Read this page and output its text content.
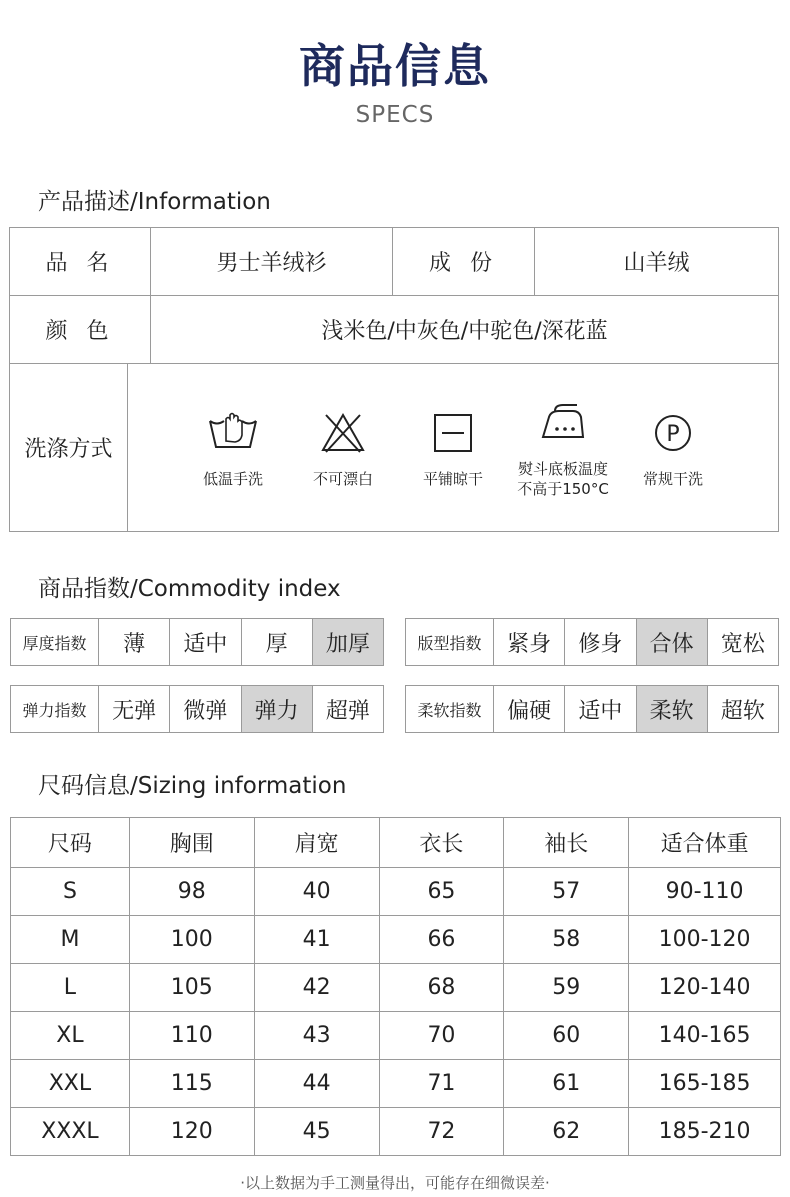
商品信息
SPECS
产品描述/Information
品 名	男士羊绒衫	成 份	山羊绒
颜 色	浅米色/中灰色/中驼色/深花蓝
洗涤方式
低温手洗	不可漂白	平铺晾干
熨斗底板温度
不高于150°C
P
常规干洗
商品指数/Commodity index
厚度指数	薄	适中	厚	加厚	版型指数	紧身	修身	合体	宽松
弹力指数	无弹	微弹	弹力	超弹	柔软指数	偏硬	适中	柔软	超软
尺码信息/Sizing information
尺码	胸围	肩宽	衣长	袖长	适合体重
S	98	40	65	57	90-110
M	100	41	66	58	100-120
L	105	42	68	59	120-140
XL	110	43	70	60	140-165
XXL	115	44	71	61	165-185
XXXL	120	45	72	62	185-210
·以上数据为手工测量得出，可能存在细微误差·
